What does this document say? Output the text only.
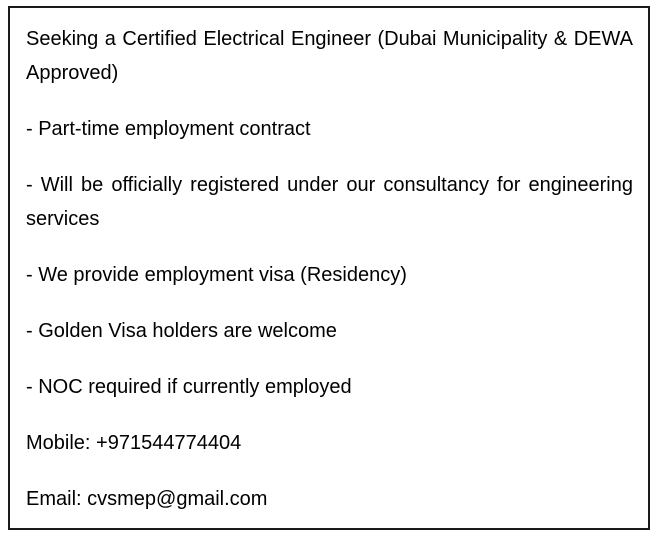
Seeking a Certified Electrical Engineer (Dubai Municipality & DEWA Approved)

- Part-time employment contract

- Will be officially registered under our consultancy for engineering services

- We provide employment visa (Residency)

- Golden Visa holders are welcome

- NOC required if currently employed

Mobile: +971544774404

Email: cvsmep@gmail.com
